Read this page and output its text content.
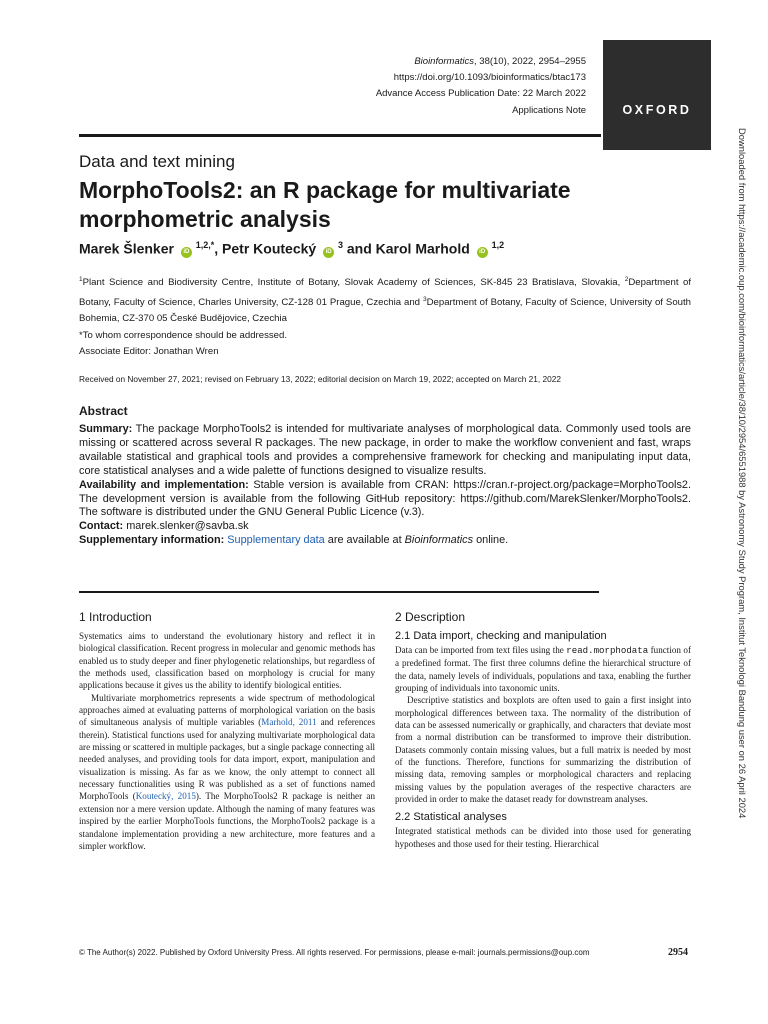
Bioinformatics, 38(10), 2022, 2954–2955
https://doi.org/10.1093/bioinformatics/btac173
Advance Access Publication Date: 22 March 2022
Applications Note	OXFORD
Data and text mining
MorphoTools2: an R package for multivariate morphometric analysis
Marek Šlenker iD $^{1,2,*}$, Petr Koutecký iD $^3$ and Karol Marhold iD $^{1,2}$
$^1$Plant Science and Biodiversity Centre, Institute of Botany, Slovak Academy of Sciences, SK-845 23 Bratislava, Slovakia, $^2$Department of Botany, Faculty of Science, Charles University, CZ-128 01 Prague, Czechia and $^3$Department of Botany, Faculty of Science, University of South Bohemia, CZ-370 05 České Budějovice, Czechia
*To whom correspondence should be addressed.
Associate Editor: Jonathan Wren
Received on November 27, 2021; revised on February 13, 2022; editorial decision on March 19, 2022; accepted on March 21, 2022
Abstract

Summary: The package MorphoTools2 is intended for multivariate analyses of morphological data. Commonly used tools are missing or scattered across several R packages. The new package, in order to make the workflow convenient and fast, wraps available statistical and graphical tools and provides a comprehensive framework for checking and manipulating input data, core statistical analyses and a wide palette of functions designed to visualize results.

Availability and implementation: Stable version is available from CRAN: https://cran.r-project.org/package=MorphoTools2. The development version is available from the following GitHub repository: https://github.com/MarekSlenker/MorphoTools2. The software is distributed under the GNU General Public Licence (v.3).

Contact: marek.slenker@savba.sk

Supplementary information: Supplementary data are available at Bioinformatics online.

1 Introduction

Systematics aims to understand the evolutionary history and reflect it in biological classification. Recent progress in molecular and genomic methods has enabled us to study deeper and finer phylogenetic relationships, but regardless of the methods used, classification based on morphology is crucial for many applications because it gives us the ability to identify biological entities.

Multivariate morphometrics represents a wide spectrum of methodological approaches aimed at evaluating patterns of morphological variation on the basis of simultaneous analysis of multiple variables (Marhold, 2011 and references therein). Statistical functions used for analyzing multivariate morphological data are missing or scattered in multiple packages, but a single package connecting all needed analyses, and providing tools for data import, export, manipulation and visualization is missing. As far as we know, the only attempt to connect all necessary functionalities using R was published as a set of functions named MorphoTools (Koutecký, 2015). The MorphoTools2 R package is neither an extension nor a mere version update. Although the naming of many features was inspired by the earlier MorphoTools functions, the MorphoTools2 package is a standalone implementation providing a new architecture, more features and a simpler workflow.

2 Description
2.1 Data import, checking and manipulation

Data can be imported from text files using the read.morphodata function of a predefined format. The first three columns define the hierarchical structure of the data, namely levels of individuals, populations and taxa, enabling the further grouping of individuals into taxonomic units.

Descriptive statistics and boxplots are often used to gain a first insight into morphological differences between taxa. The normality of the distribution of data can be assessed numerically or graphically, and characters that deviate most from a normal distribution can be transformed to improve their distribution. Datasets commonly contain missing values, but a full matrix is needed by most of the functions. Therefore, functions for summarizing the distribution of missing data, removing samples or morphological characters and replacing missing values by the population averages of the respective characters are provided in order to make the dataset ready for downstream analyses.

2.2 Statistical analyses

Integrated statistical methods can be divided into those used for generating hypotheses and those used for their testing. Hierarchical

© The Author(s) 2022. Published by Oxford University Press. All rights reserved. For permissions, please e-mail: journals.permissions@oup.com	2954
Downloaded from https://academic.oup.com/bioinformatics/article/38/10/2954/6551988 by Astronomy Study Program, Institut Teknologi Bandung user on 26 April 2024
